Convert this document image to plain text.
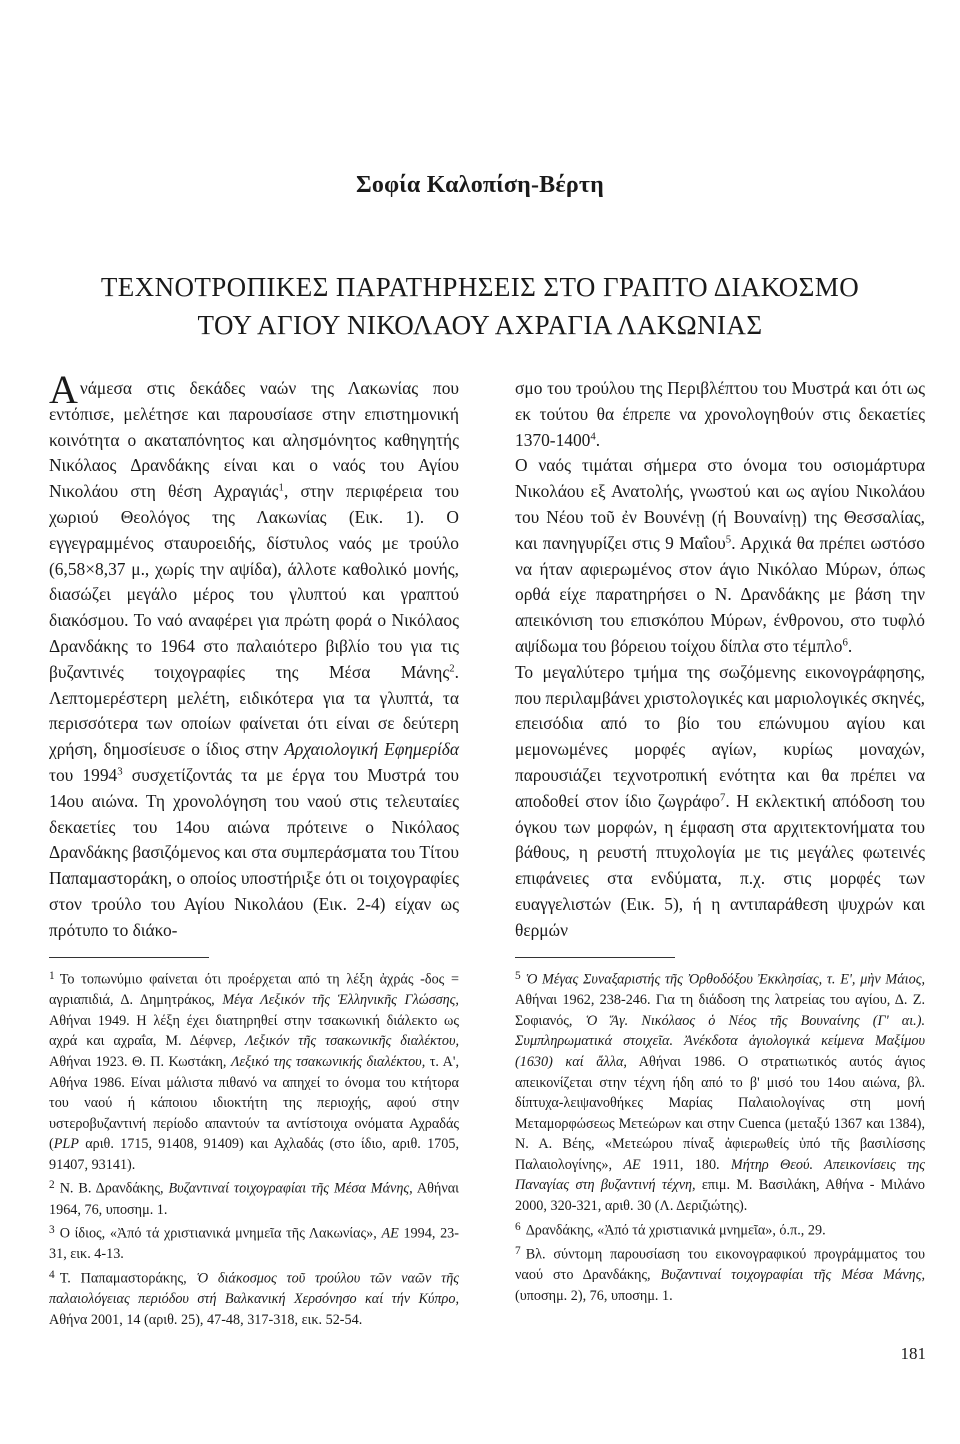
Σοφία Καλοπίση-Βέρτη
ΤΕΧΝΟΤΡΟΠΙΚΕΣ ΠΑΡΑΤΗΡΗΣΕΙΣ ΣΤΟ ΓΡΑΠΤΟ ΔΙΑΚΟΣΜΟ
ΤΟΥ ΑΓΙΟΥ ΝΙΚΟΛΑΟΥ ΑΧΡΑΓΙΑ ΛΑΚΩΝΙΑΣ

Ανάμεσα στις δεκάδες ναών της Λακωνίας που εντόπισε, μελέτησε και παρουσίασε στην επιστημονική κοινότητα ο ακαταπόνητος και αλησμόνητος καθηγητής Νικόλαος Δρανδάκης είναι και ο ναός του Αγίου Νικολάου στη θέση Αχραγιάς$^1$, στην περιφέρεια του χωριού Θεολόγος της Λακωνίας (Εικ. 1). Ο εγγεγραμμένος σταυροειδής, δίστυλος ναός με τρούλο (6,58×8,37 μ., χωρίς την αψίδα), άλλοτε καθολικό μονής, διασώζει μεγάλο μέρος του γλυπτού και γραπτού διακόσμου. Το ναό αναφέρει για πρώτη φορά ο Νικόλαος Δρανδάκης το 1964 στο παλαιότερο βιβλίο του για τις βυζαντινές τοιχογραφίες της Μέσα Μάνης$^2$. Λεπτομερέστερη μελέτη, ειδικότερα για τα γλυπτά, τα περισσότερα των οποίων φαίνεται ότι είναι σε δεύτερη χρήση, δημοσίευσε ο ίδιος στην Αρχαιολογική Εφημερίδα του 1994$^3$ συσχετίζοντάς τα με έργα του Μυστρά του 14ου αιώνα. Τη χρονολόγηση του ναού στις τελευταίες δεκαετίες του 14ου αιώνα πρότεινε ο Νικόλαος Δρανδάκης βασιζόμενος και στα συμπεράσματα του Τίτου Παπαμαστοράκη, ο οποίος υποστήριξε ότι οι τοιχογραφίες στον τρούλο του Αγίου Νικολάου (Εικ. 2-4) είχαν ως πρότυπο το διάκο-

σμο του τρούλου της Περιβλέπτου του Μυστρά και ότι ως εκ τούτου θα έπρεπε να χρονολογηθούν στις δεκαετίες 1370-1400$^4$.

Ο ναός τιμάται σήμερα στο όνομα του οσιομάρτυρα Νικολάου εξ Ανατολής, γνωστού και ως αγίου Νικολάου του Νέου τοῦ ἐν Βουνένῃ (ή Βουναίνῃ) της Θεσσαλίας, και πανηγυρίζει στις 9 Μαΐου$^5$. Αρχικά θα πρέπει ωστόσο να ήταν αφιερωμένος στον άγιο Νικόλαο Μύρων, όπως ορθά είχε παρατηρήσει ο Ν. Δρανδάκης με βάση την απεικόνιση του επισκόπου Μύρων, ένθρονου, στο τυφλό αψίδωμα του βόρειου τοίχου δίπλα στο τέμπλο$^6$.

Το μεγαλύτερο τμήμα της σωζόμενης εικονογράφησης, που περιλαμβάνει χριστολογικές και μαριολογικές σκηνές, επεισόδια από το βίο του επώνυμου αγίου και μεμονωμένες μορφές αγίων, κυρίως μοναχών, παρουσιάζει τεχνοτροπική ενότητα και θα πρέπει να αποδοθεί στον ίδιο ζωγράφο$^7$. Η εκλεκτική απόδοση του όγκου των μορφών, η έμφαση στα αρχιτεκτονήματα του βάθους, η ρευστή πτυχολογία με τις μεγάλες φωτεινές επιφάνειες στα ενδύματα, π.χ. στις μορφές των ευαγγελιστών (Εικ. 5), ή η αντιπαράθεση ψυχρών και θερμών

$^1$ Το τοπωνύμιο φαίνεται ότι προέρχεται από τη λέξη ἀχράς -δος = αγριαπιδιά, Δ. Δημητράκος, Μέγα Λεξικόν τῆς Ἑλληνικῆς Γλώσσης, Αθήναι 1949. Η λέξη έχει διατηρηθεί στην τσακωνική διάλεκτο ως αχρά και αχραΐα, Μ. Δέφνερ, Λεξικόν τῆς τσακωνικῆς διαλέκτου, Αθήναι 1923. Θ. Π. Κωστάκη, Λεξικό της τσακωνικής διαλέκτου, τ. Α', Αθήνα 1986. Είναι μάλιστα πιθανό να απηχεί το όνομα του κτήτορα του ναού ή κάποιου ιδιοκτήτη της περιοχής, αφού στην υστεροβυζαντινή περίοδο απαντούν τα αντίστοιχα ονόματα Αχραδάς (PLP αριθ. 1715, 91408, 91409) και Αχλαδάς (στο ίδιο, αριθ. 1705, 91407, 93141).

$^2$ Ν. Β. Δρανδάκης, Βυζαντιναί τοιχογραφίαι τῆς Μέσα Μάνης, Αθήναι 1964, 76, υποσημ. 1.

$^3$ Ο ίδιος, «Ἀπό τά χριστιανικά μνημεῖα τῆς Λακωνίας», ΑΕ 1994, 23-31, εικ. 4-13.

$^4$ Τ. Παπαμαστοράκης, Ὁ διάκοσμος τοῦ τρούλου τῶν ναῶν τῆς παλαιολόγειας περιόδου στή Βαλκανική Χερσόνησο καί τήν Κύπρο, Αθήνα 2001, 14 (αριθ. 25), 47-48, 317-318, εικ. 52-54.

$^5$ Ὁ Μέγας Συναξαριστής τῆς Ὀρθοδόξου Ἐκκλησίας, τ. Ε', μὴν Μάιος, Αθήναι 1962, 238-246. Για τη διάδοση της λατρείας του αγίου, Δ. Ζ. Σοφιανός, Ὁ Ἅγ. Νικόλαος ὁ Νέος τῆς Βουναίνης (Γ' αι.). Συμπληρωματικά στοιχεῖα. Ἀνέκδοτα ἁγιολογικά κείμενα Μαξίμου (1630) καί ἄλλα, Αθήναι 1986. Ο στρατιωτικός αυτός άγιος απεικονίζεται στην τέχνη ήδη από το β' μισό του 14ου αιώνα, βλ. δίπτυχα-λειψανοθήκες Μαρίας Παλαιολογίνας στη μονή Μεταμορφώσεως Μετεώρων και στην Cuenca (μεταξύ 1367 και 1384), Ν. Α. Βέης, «Μετεώρου πίναξ ἀφιερωθείς ὑπό τῆς βασιλίσσης Παλαιολογίνης», ΑΕ 1911, 180. Μήτηρ Θεού. Απεικονίσεις της Παναγίας στη βυζαντινή τέχνη, επιμ. Μ. Βασιλάκη, Αθήνα - Μιλάνο 2000, 320-321, αριθ. 30 (Λ. Δεριζιώτης).

$^6$ Δρανδάκης, «Ἀπό τά χριστιανικά μνημεῖα», ό.π., 29.

$^7$ Βλ. σύντομη παρουσίαση του εικονογραφικού προγράμματος του ναού στο Δρανδάκης, Βυζαντιναί τοιχογραφίαι τῆς Μέσα Μάνης, (υποσημ. 2), 76, υποσημ. 1.

181
